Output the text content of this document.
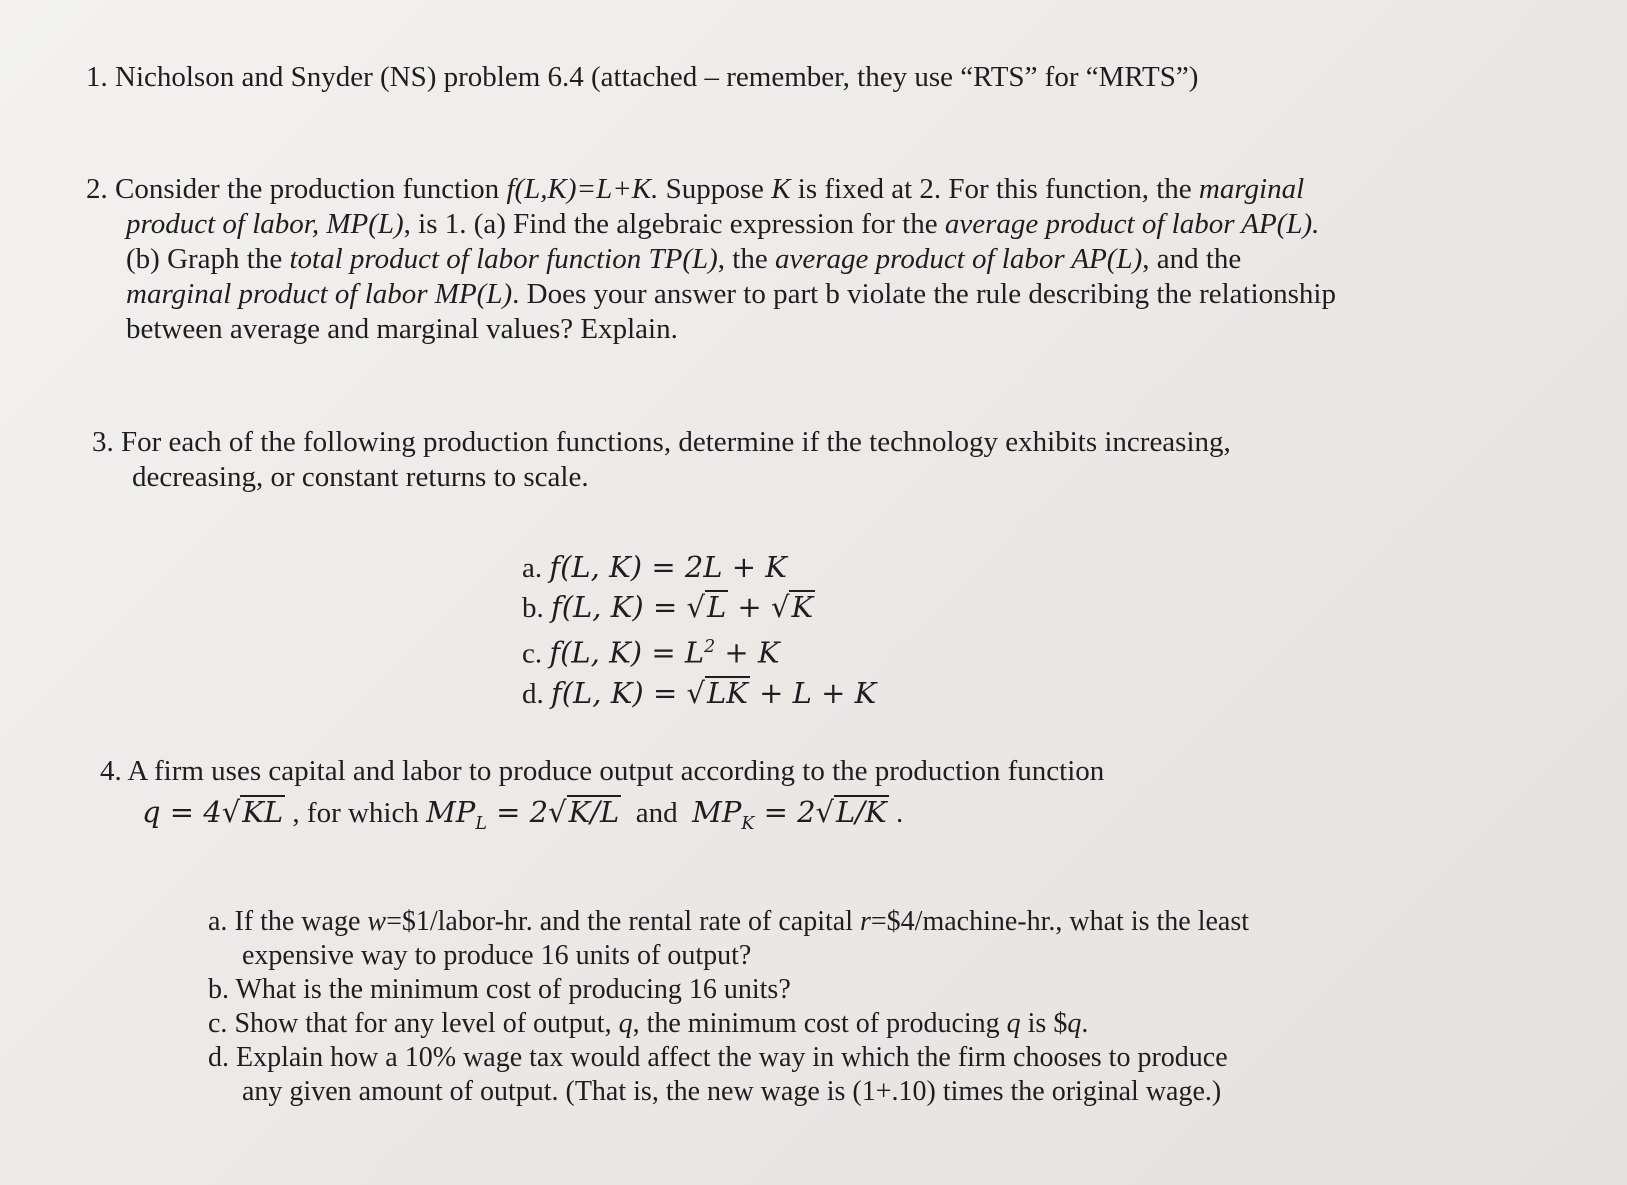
1. Nicholson and Snyder (NS) problem 6.4 (attached – remember, they use “RTS” for “MRTS”)
2. Consider the production function f(L,K)=L+K. Suppose K is fixed at 2. For this function, the marginal
product of labor, MP(L), is 1. (a) Find the algebraic expression for the average product of labor AP(L).
(b) Graph the total product of labor function TP(L), the average product of labor AP(L), and the
marginal product of labor MP(L). Does your answer to part b violate the rule describing the relationship
between average and marginal values? Explain.
3. For each of the following production functions, determine if the technology exhibits increasing,
decreasing, or constant returns to scale.
a. f(L, K) = 2L + K
b. f(L, K) = √L + √K
c. f(L, $K) = L^2 + K$
d. f(L, K) = √LK + L + K
4. A firm uses capital and labor to produce output according to the production function
q = 4√KL , for which $MP_L = 2√K/L$  and  $MP_K = 2√L/K$ .
a. If the wage w=$1/labor-hr. and the rental rate of capital r=$4/machine-hr., what is the least
expensive way to produce 16 units of output?
b. What is the minimum cost of producing 16 units?
c. Show that for any level of output, q, the minimum cost of producing q is $q.
d. Explain how a 10% wage tax would affect the way in which the firm chooses to produce
any given amount of output. (That is, the new wage is (1+.10) times the original wage.)
